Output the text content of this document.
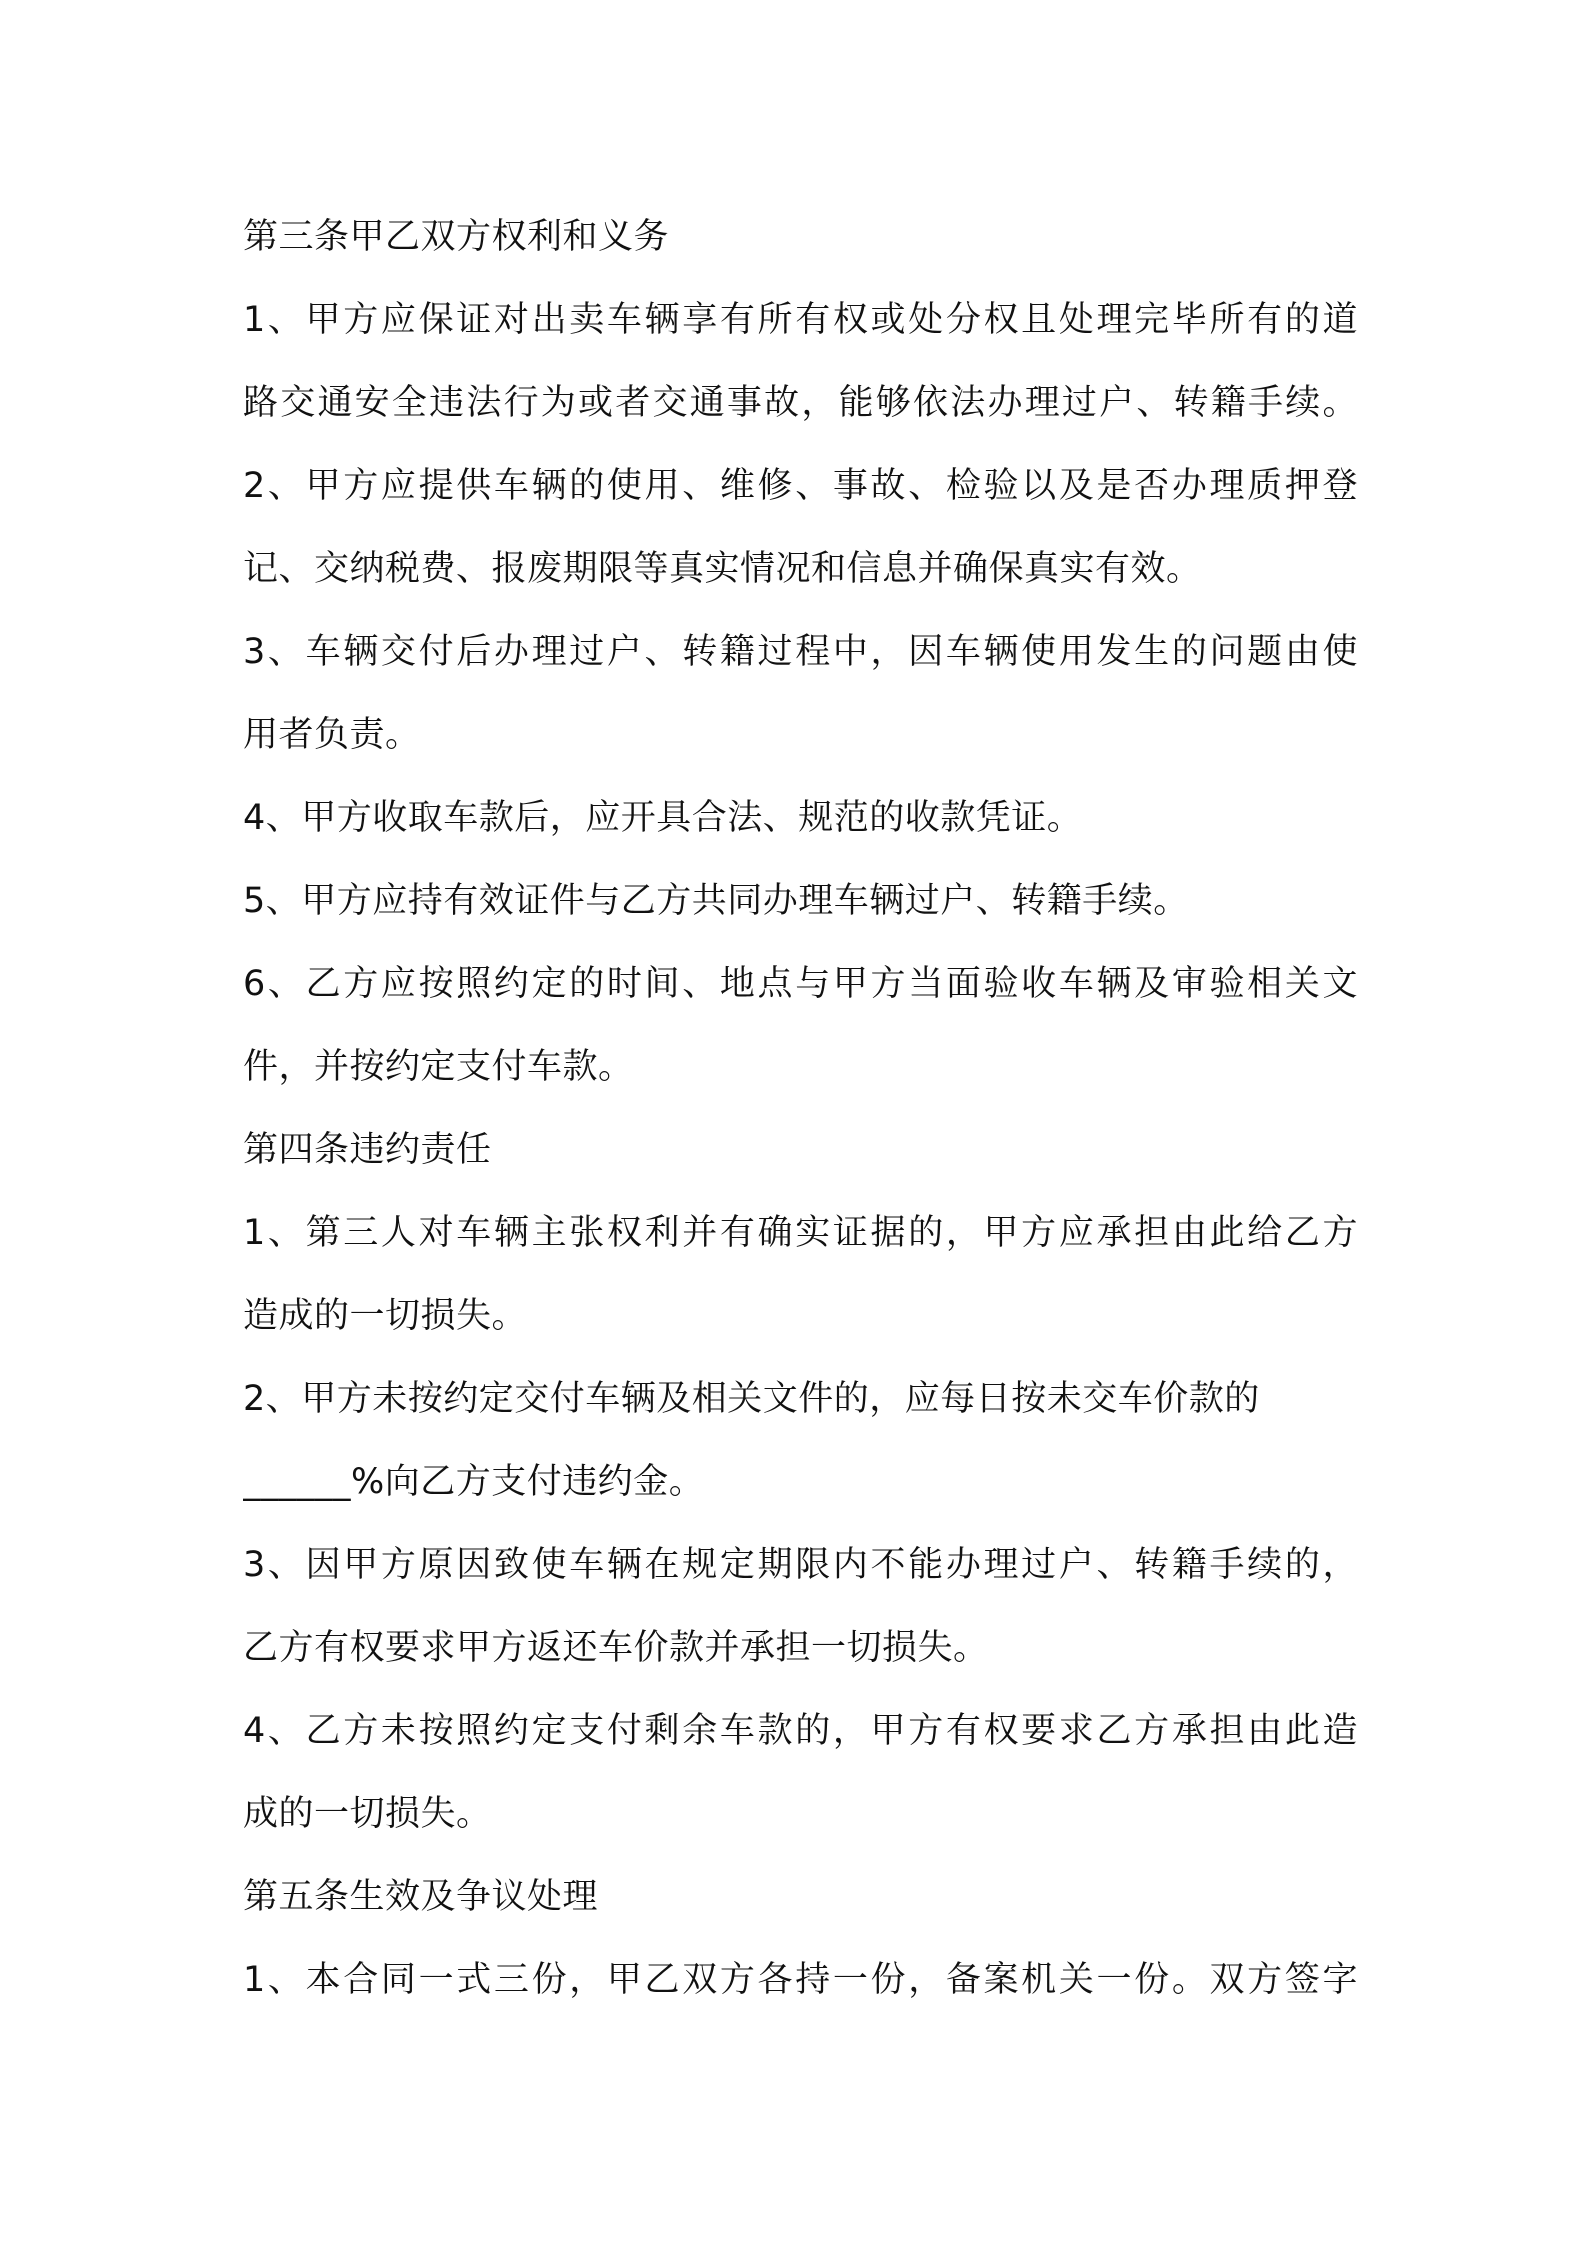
第三条甲乙双方权利和义务
1、甲方应保证对出卖车辆享有所有权或处分权且处理完毕所有的道
路交通安全违法行为或者交通事故，能够依法办理过户、转籍手续。
2、甲方应提供车辆的使用、维修、事故、检验以及是否办理质押登
记、交纳税费、报废期限等真实情况和信息并确保真实有效。
3、车辆交付后办理过户、转籍过程中，因车辆使用发生的问题由使
用者负责。
4、甲方收取车款后，应开具合法、规范的收款凭证。
5、甲方应持有效证件与乙方共同办理车辆过户、转籍手续。
6、乙方应按照约定的时间、地点与甲方当面验收车辆及审验相关文
件，并按约定支付车款。
第四条违约责任
1、第三人对车辆主张权利并有确实证据的，甲方应承担由此给乙方
造成的一切损失。
2、甲方未按约定交付车辆及相关文件的，应每日按未交车价款的
______%向乙方支付违约金。
3、因甲方原因致使车辆在规定期限内不能办理过户、转籍手续的，
乙方有权要求甲方返还车价款并承担一切损失。
4、乙方未按照约定支付剩余车款的，甲方有权要求乙方承担由此造
成的一切损失。
第五条生效及争议处理
1、本合同一式三份，甲乙双方各持一份，备案机关一份。双方签字
